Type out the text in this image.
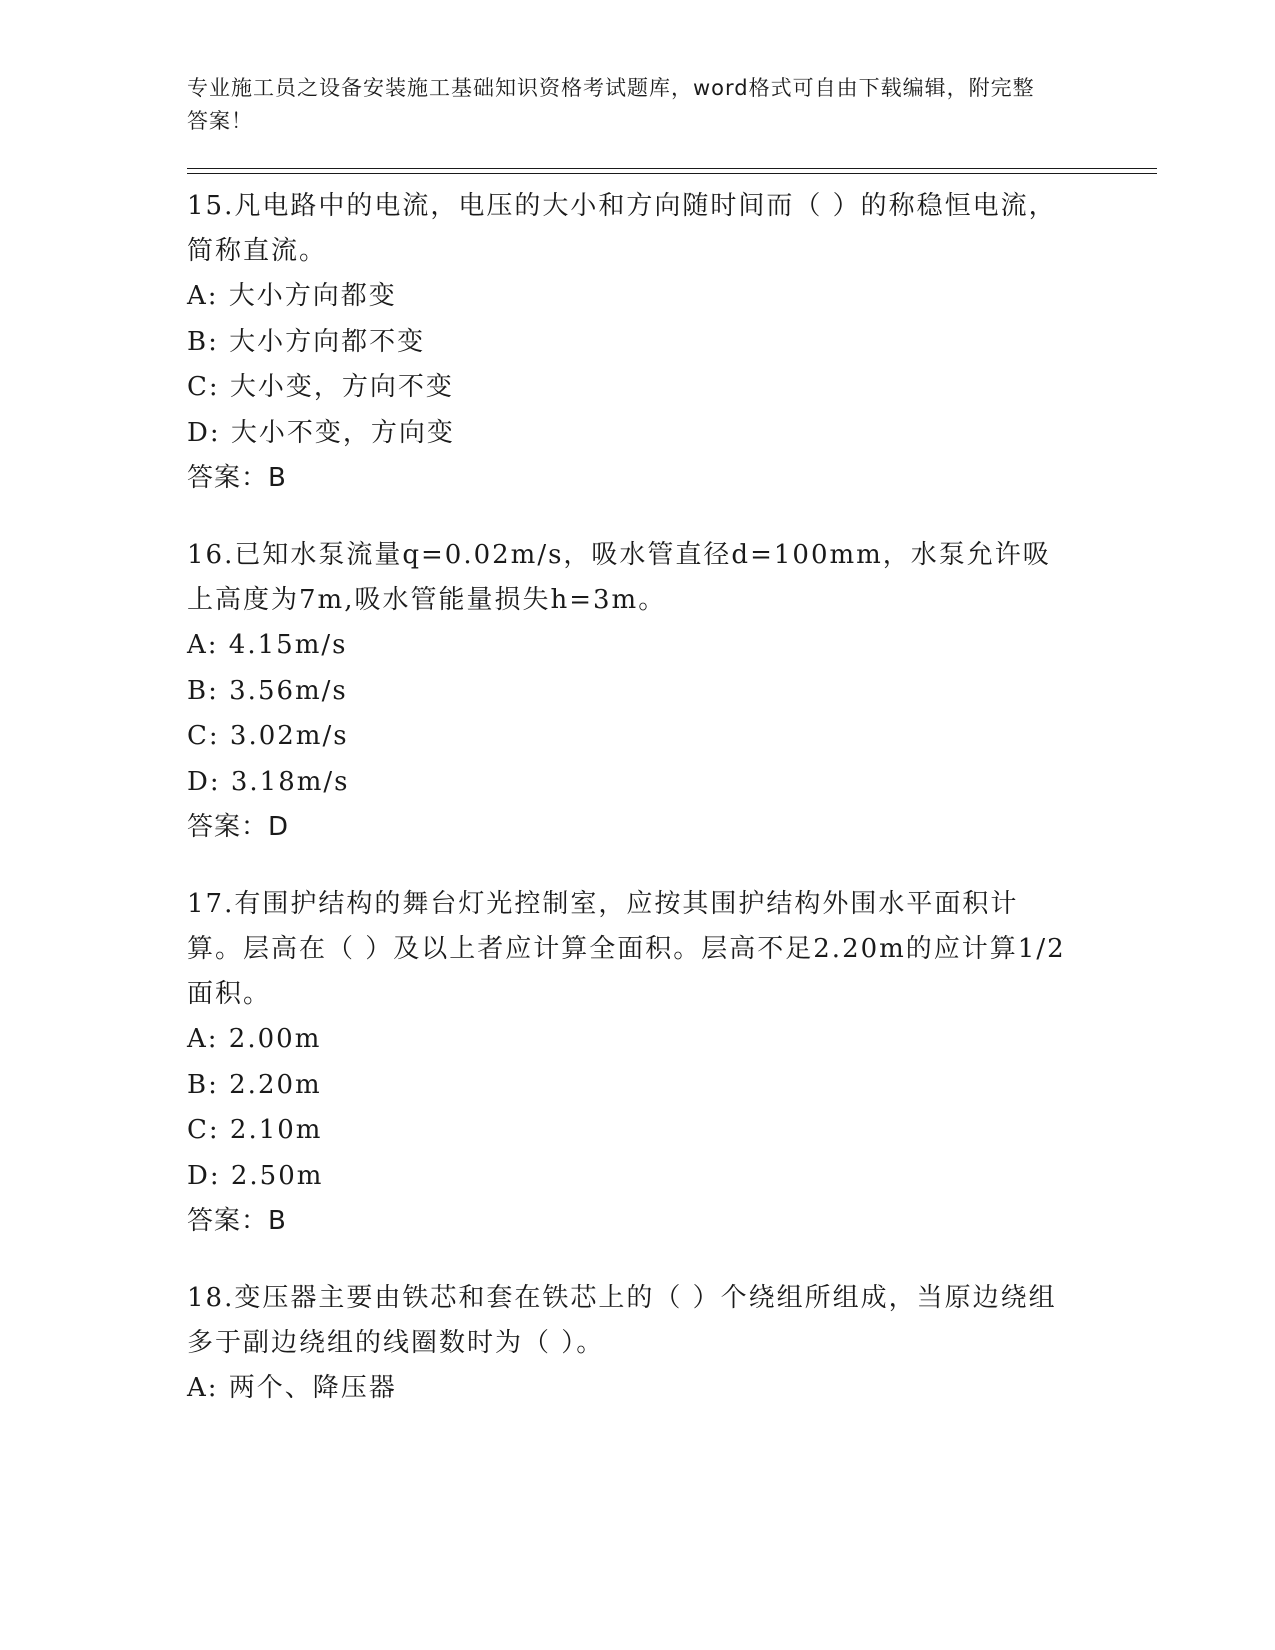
专业施工员之设备安装施工基础知识资格考试题库，word格式可自由下载编辑，附完整答案！
15.凡电路中的电流，电压的大小和方向随时间而（ ）的称稳恒电流，简称直流。
A: 大小方向都变
B: 大小方向都不变
C: 大小变，方向不变
D: 大小不变，方向变
答案：B
16.已知水泵流量q=0.02m/s，吸水管直径d=100mm，水泵允许吸上高度为7m,吸水管能量损失h=3m。
A: 4.15m/s
B: 3.56m/s
C: 3.02m/s
D: 3.18m/s
答案：D
17.有围护结构的舞台灯光控制室，应按其围护结构外围水平面积计算。层高在（ ）及以上者应计算全面积。层高不足2.20m的应计算1/2面积。
A: 2.00m
B: 2.20m
C: 2.10m
D: 2.50m
答案：B
18.变压器主要由铁芯和套在铁芯上的（ ）个绕组所组成，当原边绕组多于副边绕组的线圈数时为（ ）。
A: 两个、降压器
